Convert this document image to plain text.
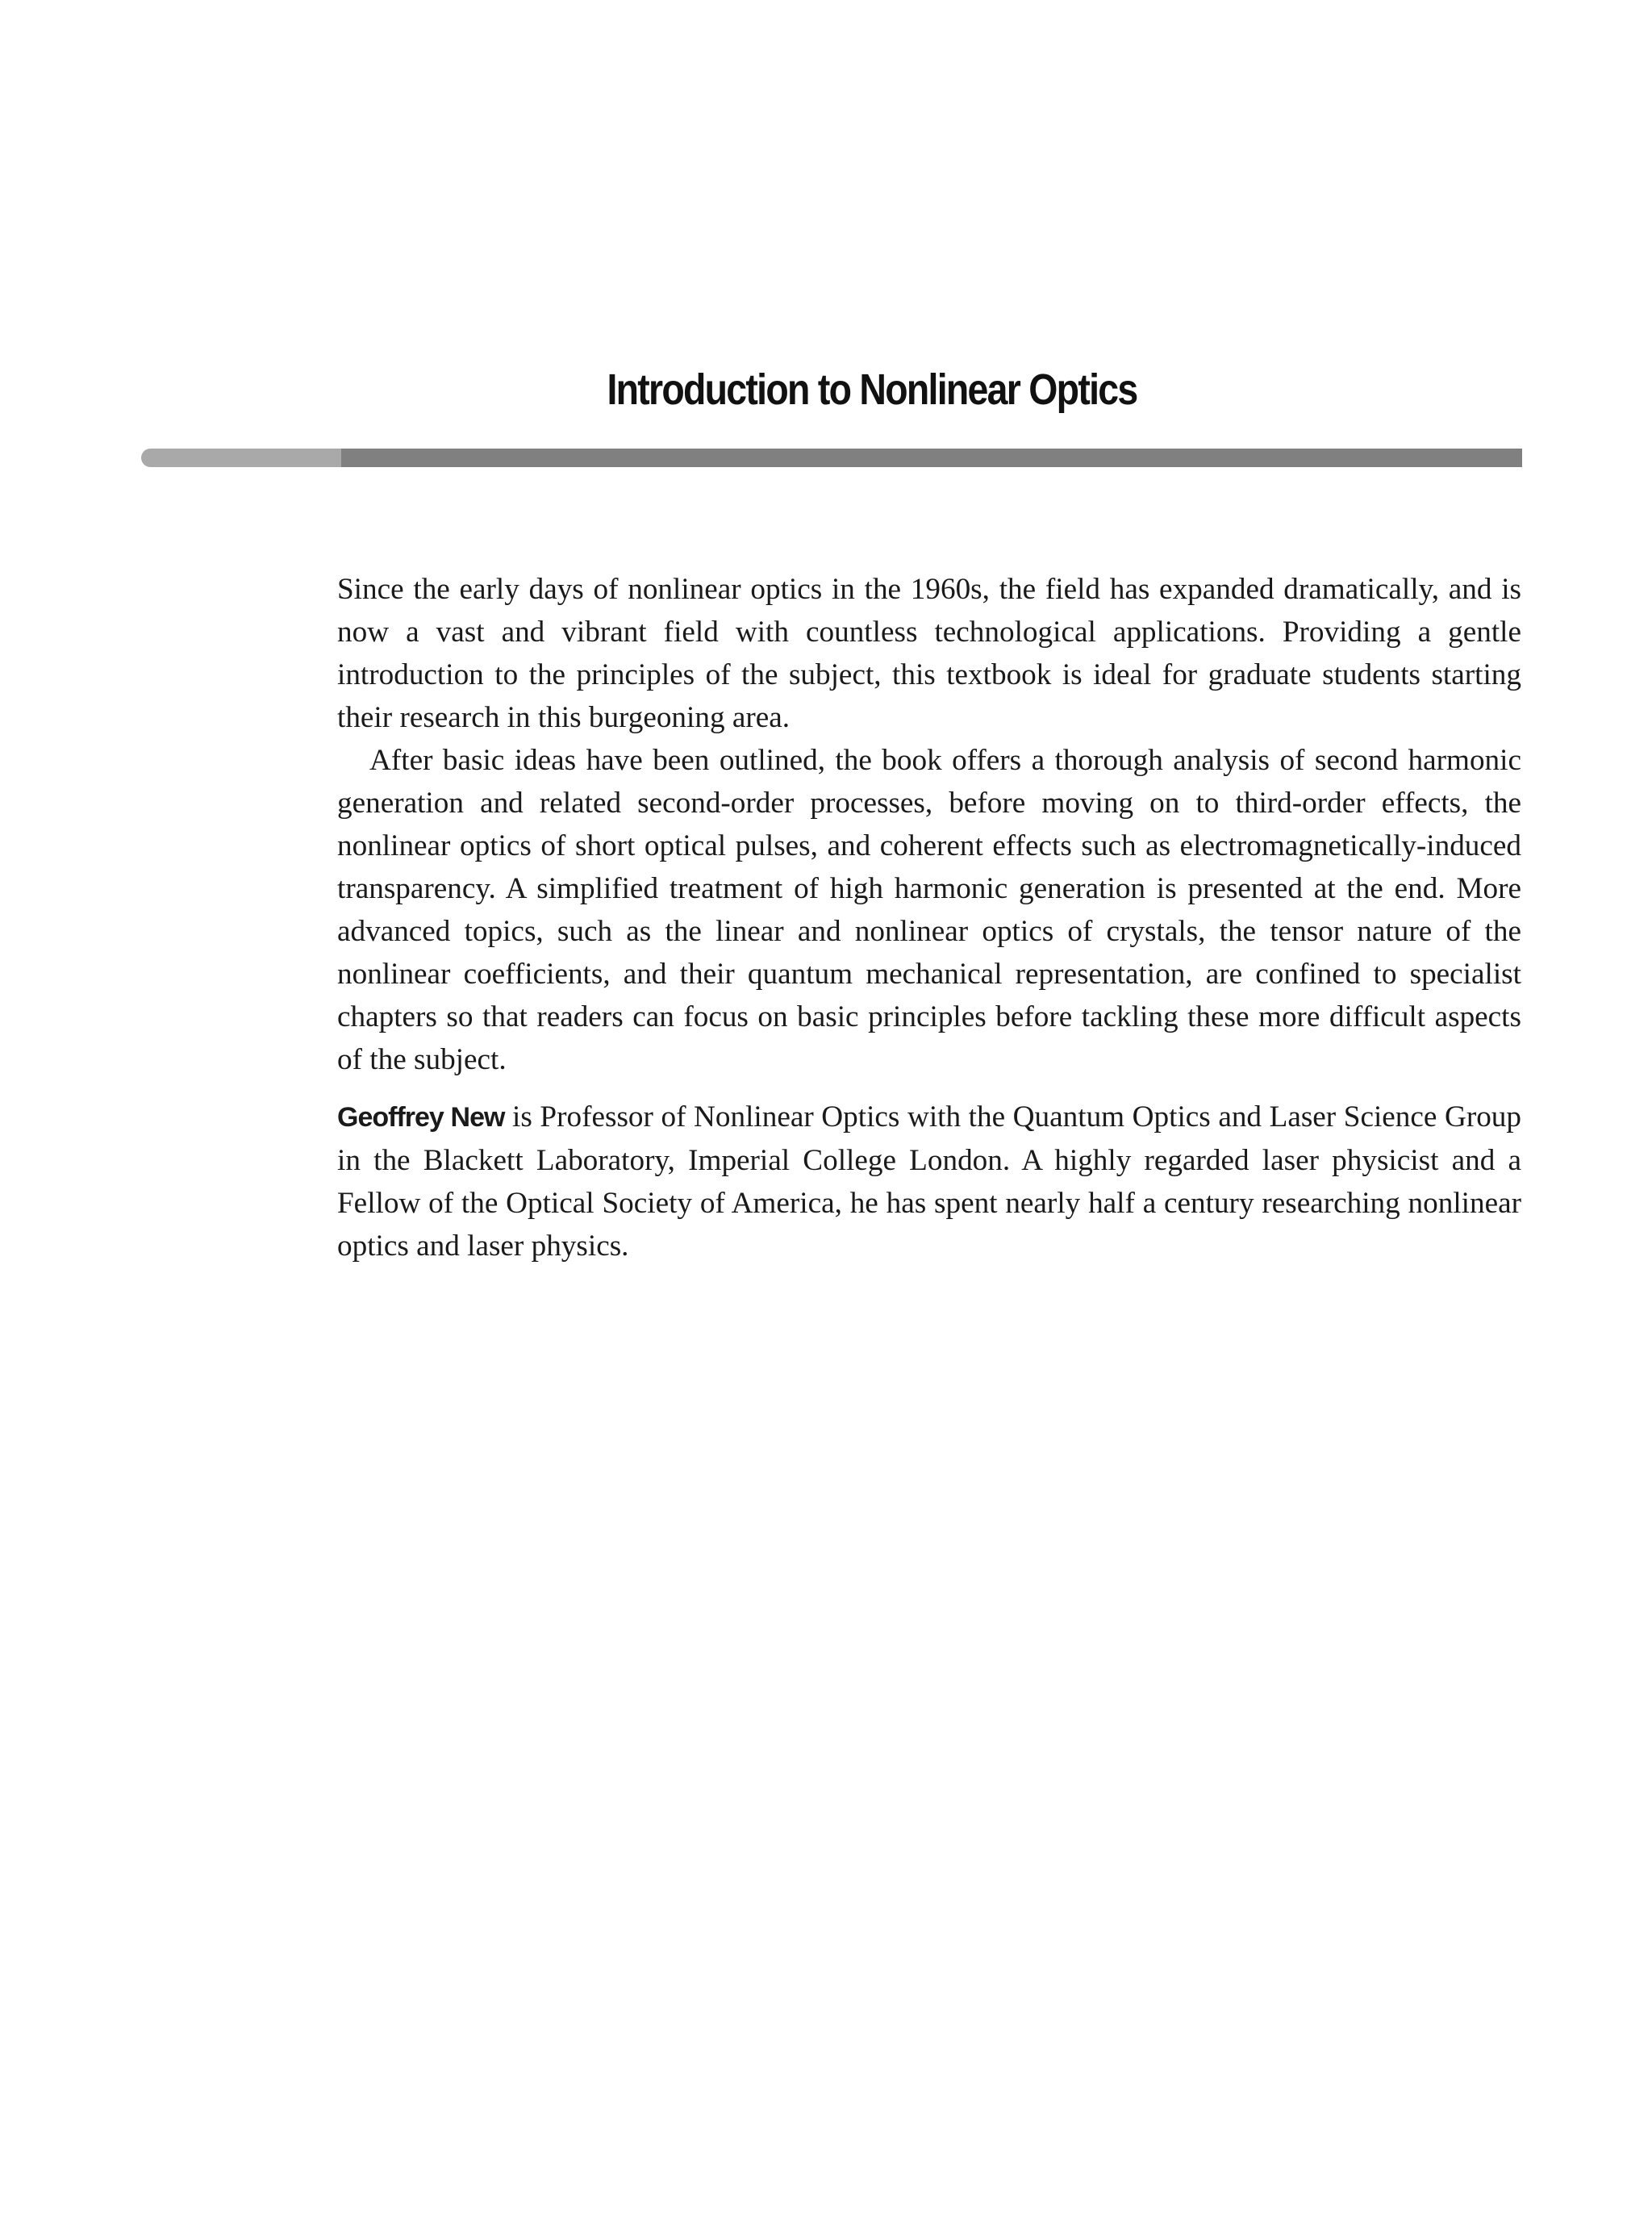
Introduction to Nonlinear Optics

Since the early days of nonlinear optics in the 1960s, the field has expanded dramatically, and is now a vast and vibrant field with countless technological applications. Providing a gentle introduction to the principles of the subject, this textbook is ideal for graduate students starting their research in this burgeoning area.

After basic ideas have been outlined, the book offers a thorough analysis of second harmonic generation and related second-order processes, before moving on to third-order effects, the nonlinear optics of short optical pulses, and coherent effects such as electromagnetically-induced transparency. A simplified treatment of high harmonic generation is presented at the end. More advanced topics, such as the linear and nonlinear optics of crystals, the tensor nature of the nonlinear coefficients, and their quantum mechanical representation, are confined to specialist chapters so that readers can focus on basic principles before tackling these more difficult aspects of the subject.

Geoffrey New is Professor of Nonlinear Optics with the Quantum Optics and Laser Science Group in the Blackett Laboratory, Imperial College London. A highly regarded laser physicist and a Fellow of the Optical Society of America, he has spent nearly half a century researching nonlinear optics and laser physics.
